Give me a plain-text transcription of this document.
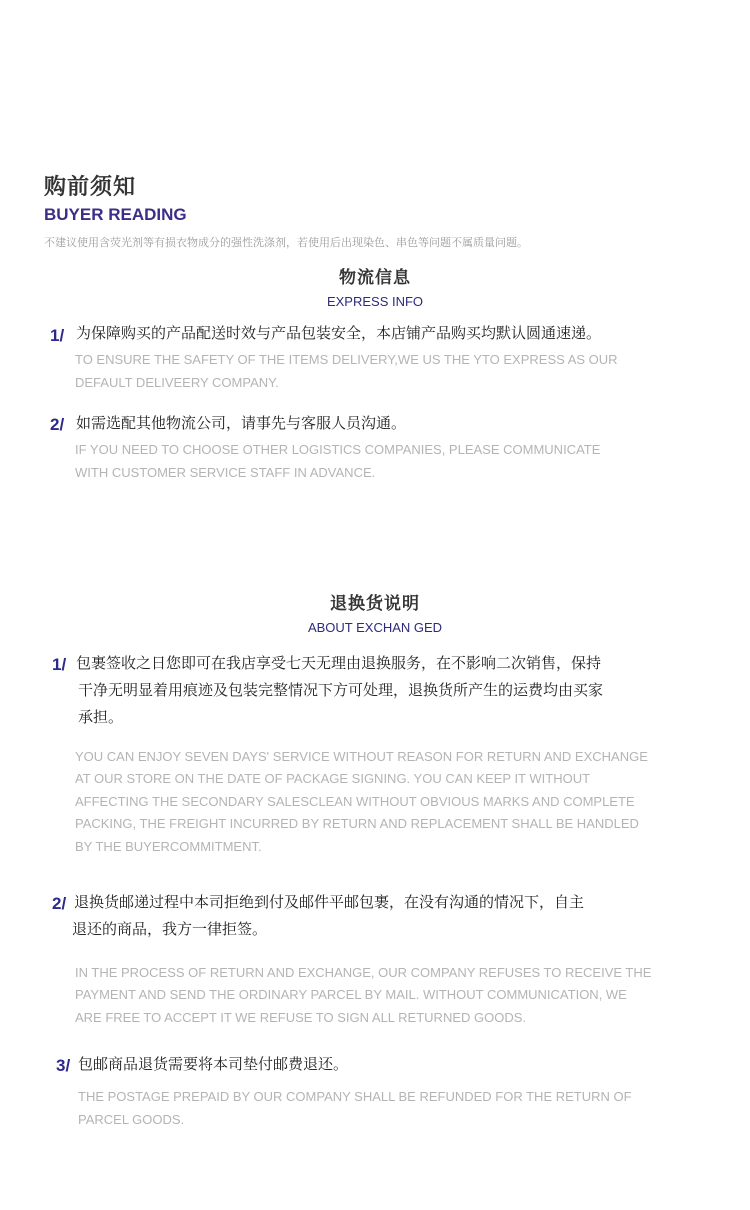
购前须知
BUYER READING
不建议使用含荧光剂等有损衣物成分的强性洗涤剂，若使用后出现染色、串色等问题不属质量问题。
物流信息
EXPRESS INFO
1/ 为保障购买的产品配送时效与产品包装安全，本店铺产品购买均默认圆通速递。
TO ENSURE THE SAFETY OF THE ITEMS DELIVERY,WE US THE YTO EXPRESS AS OUR
DEFAULT DELIVEERY COMPANY.
2/ 如需选配其他物流公司，请事先与客服人员沟通。
IF YOU NEED TO CHOOSE OTHER LOGISTICS COMPANIES, PLEASE COMMUNICATE
WITH CUSTOMER SERVICE STAFF IN ADVANCE.
退换货说明
ABOUT EXCHAN GED
1/ 包裹签收之日您即可在我店享受七天无理由退换服务，在不影响二次销售，保持
干净无明显着用痕迹及包装完整情况下方可处理，退换货所产生的运费均由买家
承担。
YOU CAN ENJOY SEVEN DAYS' SERVICE WITHOUT REASON FOR RETURN AND EXCHANGE
AT OUR STORE ON THE DATE OF PACKAGE SIGNING. YOU CAN KEEP IT WITHOUT
AFFECTING THE SECONDARY SALESCLEAN WITHOUT OBVIOUS MARKS AND COMPLETE
PACKING, THE FREIGHT INCURRED BY RETURN AND REPLACEMENT SHALL BE HANDLED
BY THE BUYERCOMMITMENT.
2/ 退换货邮递过程中本司拒绝到付及邮件平邮包裹，在没有沟通的情况下，自主
退还的商品，我方一律拒签。
IN THE PROCESS OF RETURN AND EXCHANGE, OUR COMPANY REFUSES TO RECEIVE THE
PAYMENT AND SEND THE ORDINARY PARCEL BY MAIL. WITHOUT COMMUNICATION, WE
ARE FREE TO ACCEPT IT WE REFUSE TO SIGN ALL RETURNED GOODS.
3/ 包邮商品退货需要将本司垫付邮费退还。
THE POSTAGE PREPAID BY OUR COMPANY SHALL BE REFUNDED FOR THE RETURN OF
PARCEL GOODS.
